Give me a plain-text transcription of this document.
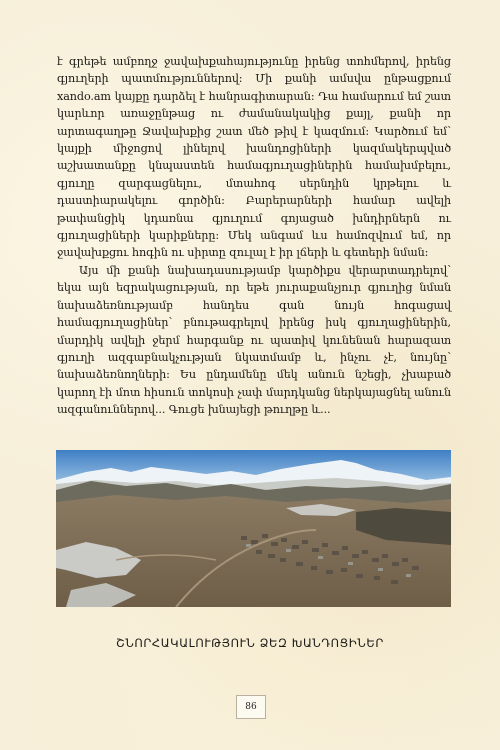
է գրեթե ամբողջ ջավախքահայությունը իրենց տոհմերով, իրենց գյուղերի պատմություններով: Մի քանի ամսվա ընթացքում xando.am կայքը դարձել է հանրագիտարան: Դա համարում եմ շատ կարևոր առաջընթաց ու ժամանակակից քայլ, քանի որ արտագաղթը Ջավախքից շատ մեծ թիվ է կազմում: Կարծում եմ՝ կայքի միջոցով լինելով խանդոցիների կազմակերպված աշխատանքը կնպաստեն համագյուղացիներին համախմբելու, գյուղը զարգացնելու, մտահոգ սերնդին կրթելու և դաստիարակելու գործին: Բարերարների համար ավելի թափանցիկ կդառնա գյուղում գոյացած խնդիրներն ու գյուղացիների կարիքները: Մեկ անգամ ևս համոզվում եմ, որ ջավախքցու հոգին ու սիրտը զուլալ է իր լճերի և գետերի նման:

Այս մի քանի նախադասությամբ կարծիքս վերարտադրելով՝ եկա այն եզրակացության, որ եթե յուրաքանչյուր գյուղից նման նախաձեռնությամբ հանդես գան նույն հոգացավ համագյուղացիներ՝ բնութագրելով իրենց իսկ գյուղացիներին, մարդիկ ավելի ջերմ հարգանք ու պատիվ կունենան հարազատ գյուղի ազգաբնակչության նկատմամբ և, ինչու չէ, նույնը՝ նախաձեռնողների: Ես ընդամենը մեկ անուն նշեցի, չխաբած կարող էի մոտ հիսուն տոկոսի չափ մարդկանց ներկայացնել անուն ազգանուններով... Գուցե խնայեցի թուղթը և...

ՇՆՈՐՀԱԿԱԼՈՒԹՅՈՒՆ ՁԵԶ ԽԱՆԴՈՑԻՆԵՐ
86
